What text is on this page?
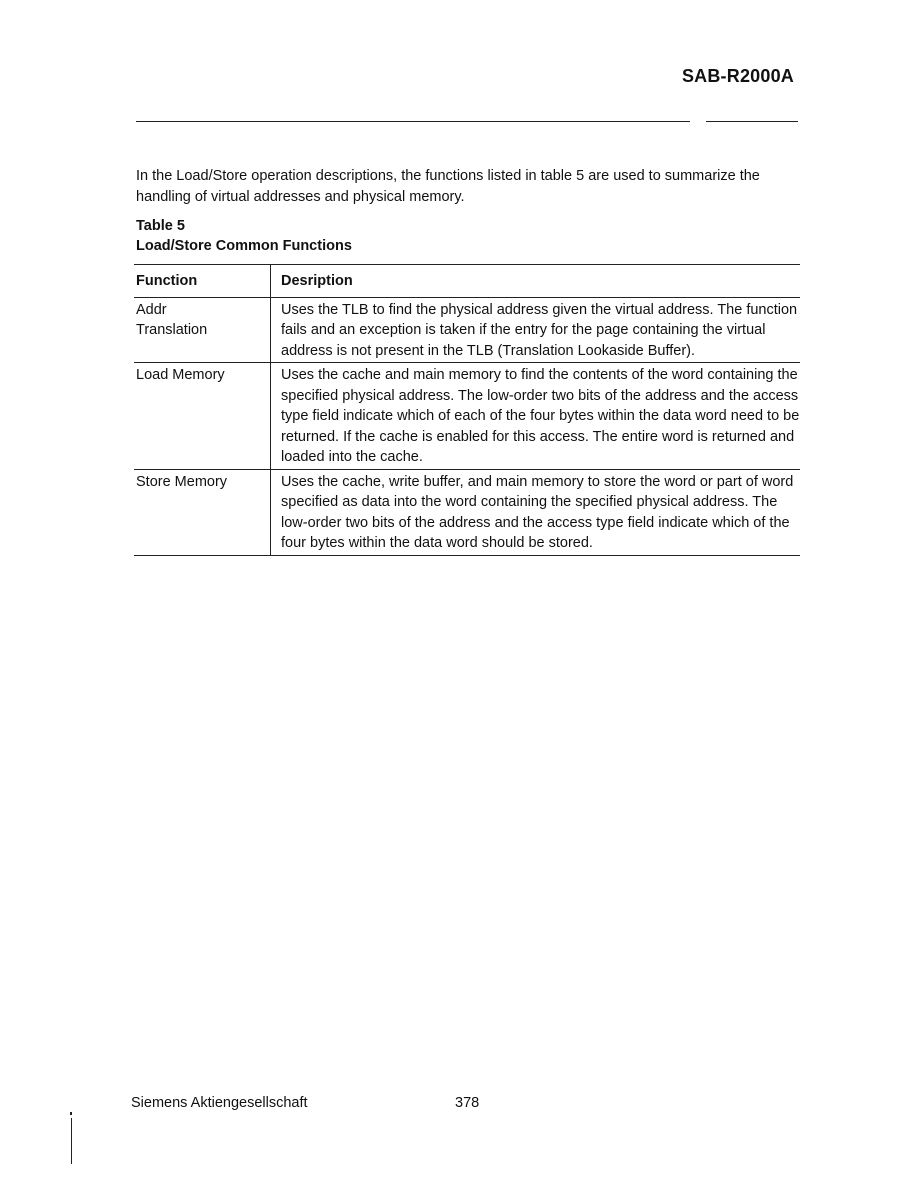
SAB-R2000A

In the Load/Store operation descriptions, the functions listed in table 5 are used to summarize the handling of virtual addresses and physical memory.

Table 5
Load/Store Common Functions
Function	Desription

Addr
Translation	Uses the TLB to find the physical address given the virtual address. The function fails and an exception is taken if the entry for the page containing the virtual address is not present in the TLB (Translation Lookaside Buffer).

Load Memory	Uses the cache and main memory to find the contents of the word containing the specified physical address. The low-order two bits of the address and the access type field indicate which of each of the four bytes within the data word need to be returned. If the cache is enabled for this access. The entire word is returned and loaded into the cache.

Store Memory	Uses the cache, write buffer, and main memory to store the word or part of word specified as data into the word containing the specified physical address. The low-order two bits of the address and the access type field indicate which of the four bytes within the data word should be stored.
Siemens Aktiengesellschaft	378
